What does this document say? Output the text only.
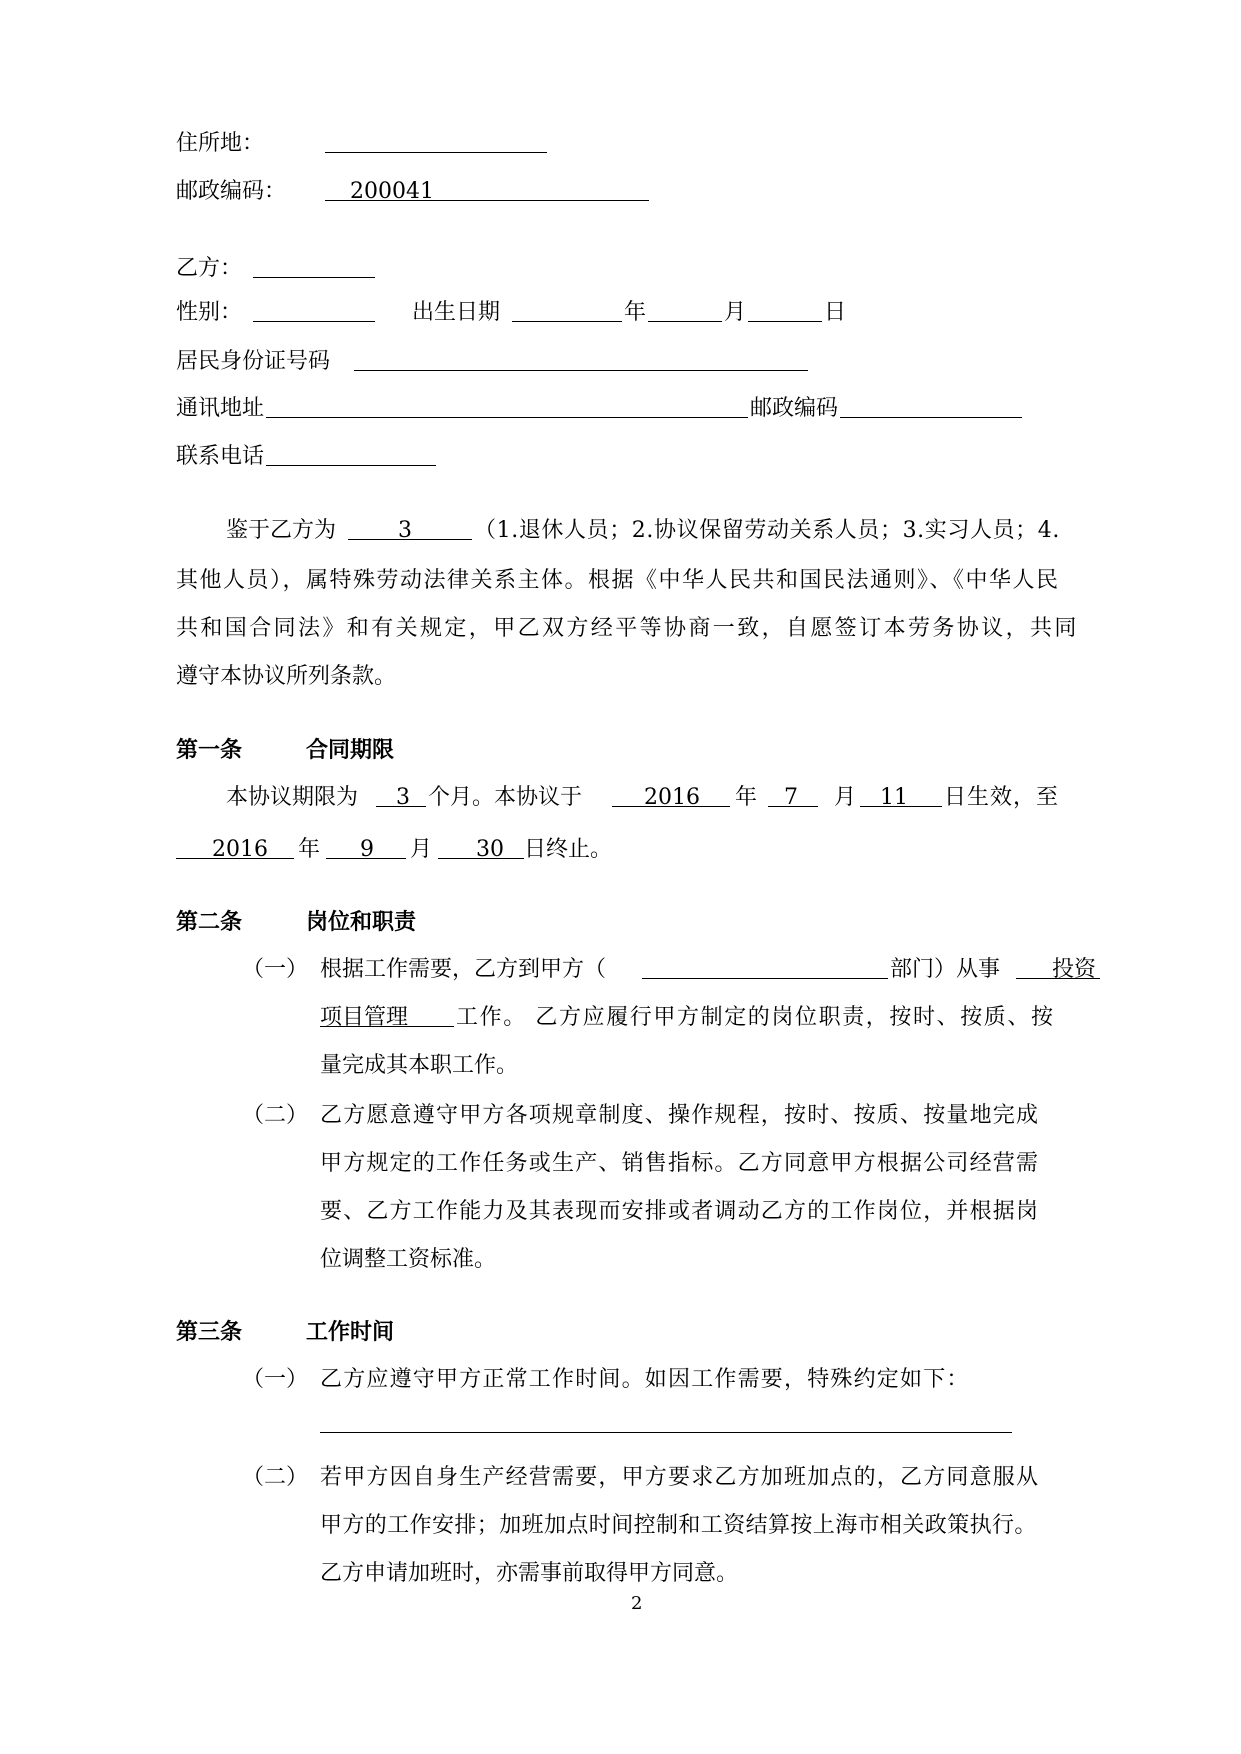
住所地：
邮政编码：	200041
乙方：
性别：	出生日期	年	月	日
居民身份证号码
通讯地址	邮政编码
联系电话
鉴于乙方为	3	（1.退休人员；2.协议保留劳动关系人员；3.实习人员；4.
其他人员），属特殊劳动法律关系主体。根据《中华人民共和国民法通则》、《中华人民
共和国合同法》和有关规定，甲乙双方经平等协商一致，自愿签订本劳务协议，共同
遵守本协议所列条款。
第一条	合同期限
本协议期限为 3 个月。本协议于	2016 年 7 月 11 日生效，至
2016 年 9 月 30 日终止。
第二条	岗位和职责
（一） 根据工作需要，乙方到甲方（	部门）从事 投资
项目管理 工作。 乙方应履行甲方制定的岗位职责，按时、按质、按
量完成其本职工作。
（二） 乙方愿意遵守甲方各项规章制度、操作规程，按时、按质、按量地完成
甲方规定的工作任务或生产、销售指标。乙方同意甲方根据公司经营需
要、乙方工作能力及其表现而安排或者调动乙方的工作岗位，并根据岗
位调整工资标准。
第三条	工作时间
（一） 乙方应遵守甲方正常工作时间。如因工作需要，特殊约定如下：
（二） 若甲方因自身生产经营需要，甲方要求乙方加班加点的，乙方同意服从
甲方的工作安排；加班加点时间控制和工资结算按上海市相关政策执行。
乙方申请加班时，亦需事前取得甲方同意。
2
